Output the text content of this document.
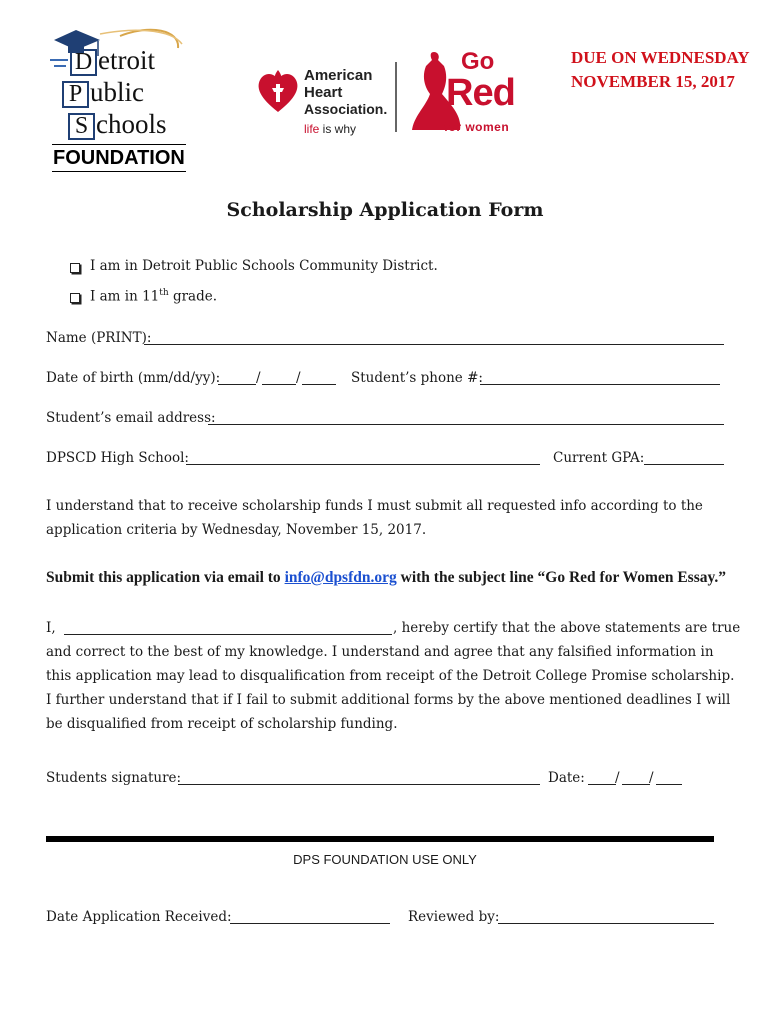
D etroit
P ublic
S chools
FOUNDATION
American
Heart
Association.
life is why
Go
Red
for women
DUE ON WEDNESDAY
NOVEMBER 15, 2017
Scholarship Application Form
I am in Detroit Public Schools Community District.
I am in 11th grade.
Name (PRINT):
Date of birth (mm/dd/yy):	/	/	Student’s phone #:
Student’s email address:
DPSCD High School:	Current GPA:
I understand that to receive scholarship funds I must submit all requested info according to the application criteria by Wednesday, November 15, 2017.
Submit this application via email to info@dpsfdn.org with the subject line “Go Red for Women Essay.”
I,	, hereby certify that the above statements are true
and correct to the best of my knowledge. I understand and agree that any falsified information in this application may lead to disqualification from receipt of the Detroit College Promise scholarship. I further understand that if I fail to submit additional forms by the above mentioned deadlines I will be disqualified from receipt of scholarship funding.
Students signature:	Date: / /
DPS FOUNDATION USE ONLY
Date Application Received:	Reviewed by:
